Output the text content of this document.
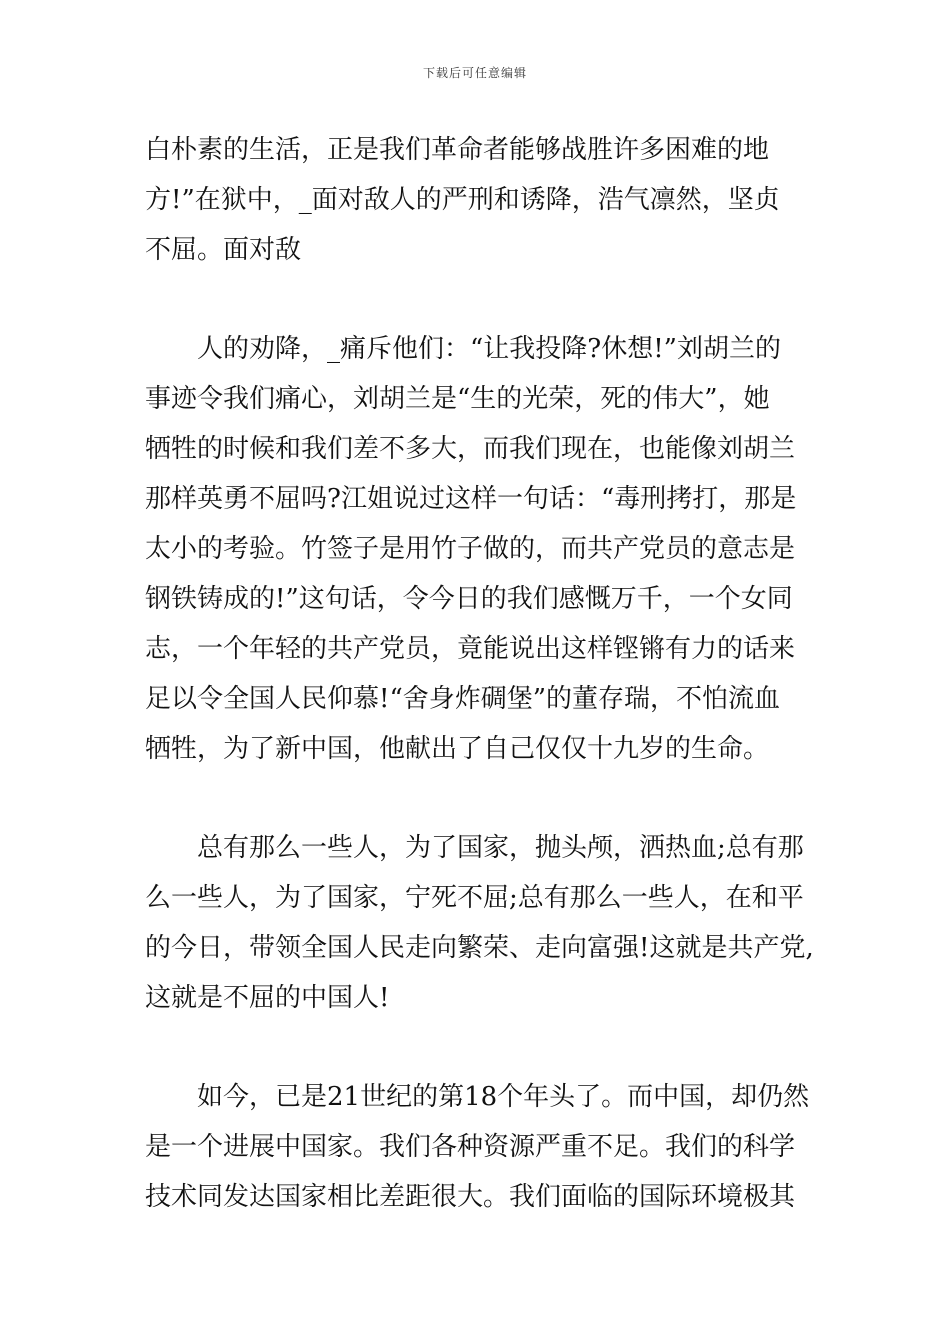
下载后可任意编辑
白朴素的生活，正是我们革命者能够战胜许多困难的地
方!”在狱中，_面对敌人的严刑和诱降，浩气凛然，坚贞
不屈。面对敌
人的劝降，_痛斥他们：“让我投降?休想!”刘胡兰的
事迹令我们痛心，刘胡兰是“生的光荣，死的伟大”，她
牺牲的时候和我们差不多大，而我们现在，也能像刘胡兰
那样英勇不屈吗?江姐说过这样一句话：“毒刑拷打，那是
太小的考验。竹签子是用竹子做的，而共产党员的意志是
钢铁铸成的!”这句话，令今日的我们感慨万千，一个女同
志，一个年轻的共产党员，竟能说出这样铿锵有力的话来
足以令全国人民仰慕!“舍身炸碉堡”的董存瑞，不怕流血
牺牲，为了新中国，他献出了自己仅仅十九岁的生命。
总有那么一些人，为了国家，抛头颅，洒热血;总有那
么一些人，为了国家，宁死不屈;总有那么一些人，在和平
的今日，带领全国人民走向繁荣、走向富强!这就是共产党,
这就是不屈的中国人!
如今，已是21世纪的第18个年头了。而中国，却仍然
是一个进展中国家。我们各种资源严重不足。我们的科学
技术同发达国家相比差距很大。我们面临的国际环境极其
